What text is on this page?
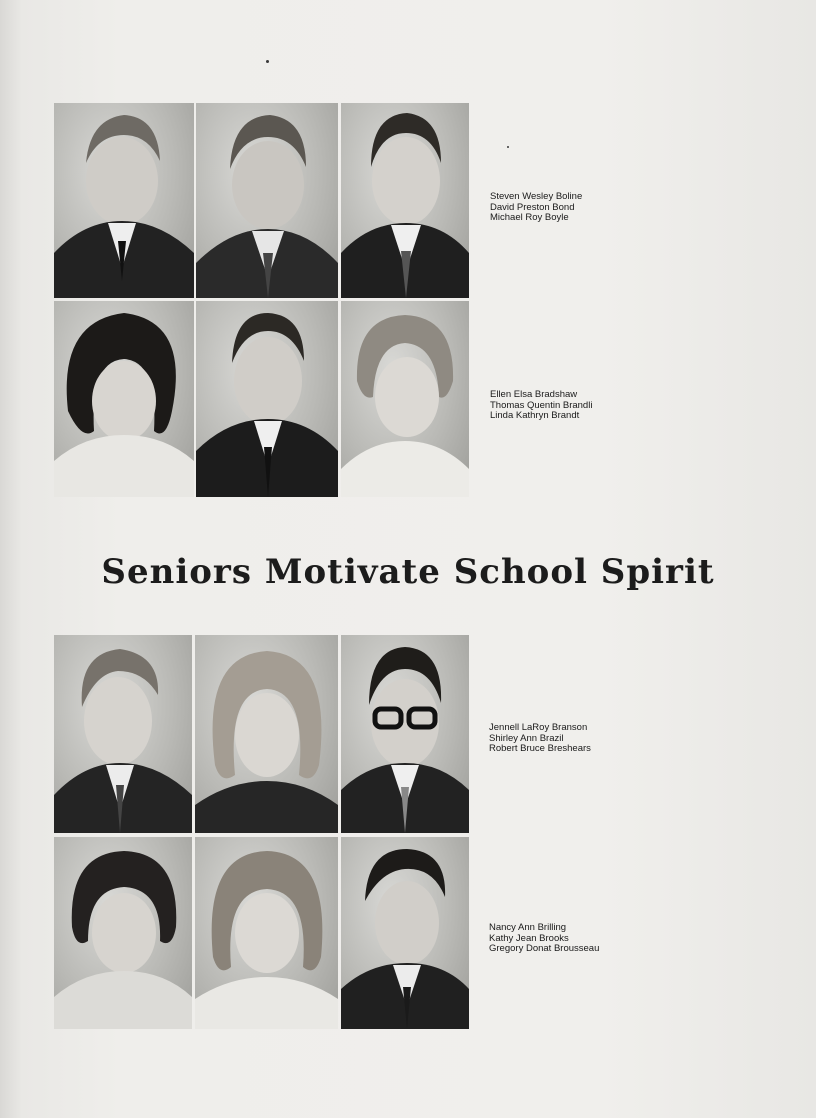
Steven Wesley Boline
David Preston Bond
Michael Roy Boyle
Ellen Elsa Bradshaw
Thomas Quentin Brandli
Linda Kathryn Brandt
Seniors Motivate School Spirit
Jennell LaRoy Branson
Shirley Ann Brazil
Robert Bruce Breshears
Nancy Ann Brilling
Kathy Jean Brooks
Gregory Donat Brousseau
